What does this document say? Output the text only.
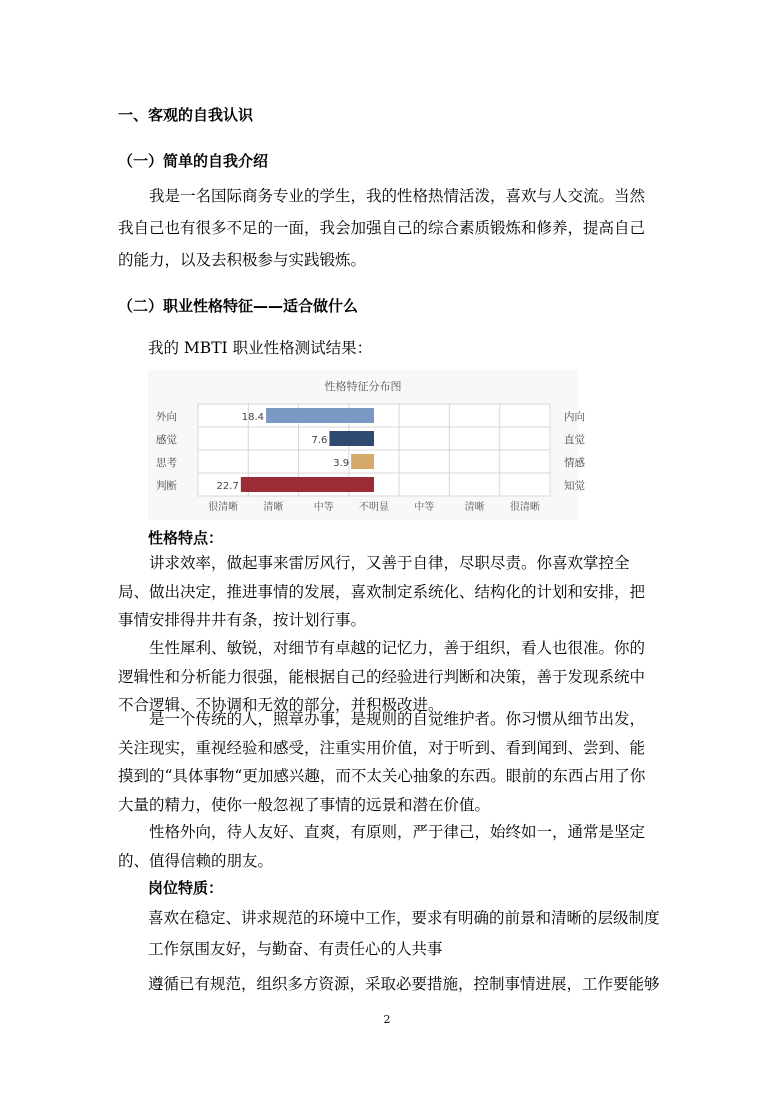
一、客观的自我认识
（一）简单的自我介绍

我是一名国际商务专业的学生，我的性格热情活泼，喜欢与人交流。当然我自己也有很多不足的一面，我会加强自己的综合素质锻炼和修养，提高自己的能力，以及去积极参与实践锻炼。

（二）职业性格特征——适合做什么
我的 MBTI 职业性格测试结果：
性格特征分布图
18.4
外向	内向
7.6
感觉	直觉
3.9
思考	情感
22.7
判断	知觉
很清晰	清晰	中等	不明显	中等	清晰	很清晰
性格特点：

讲求效率，做起事来雷厉风行，又善于自律，尽职尽责。你喜欢掌控全局、做出决定，推进事情的发展，喜欢制定系统化、结构化的计划和安排，把事情安排得井井有条，按计划行事。

生性犀利、敏锐，对细节有卓越的记忆力，善于组织，看人也很准。你的逻辑性和分析能力很强，能根据自己的经验进行判断和决策，善于发现系统中不合逻辑、不协调和无效的部分，并积极改进。

是一个传统的人，照章办事，是规则的自觉维护者。你习惯从细节出发，关注现实，重视经验和感受，注重实用价值，对于听到、看到闻到、尝到、能摸到的“具体事物“更加感兴趣，而不太关心抽象的东西。眼前的东西占用了你大量的精力，使你一般忽视了事情的远景和潜在价值。

性格外向，待人友好、直爽，有原则，严于律己，始终如一，通常是坚定的、值得信赖的朋友。

岗位特质：
喜欢在稳定、讲求规范的环境中工作，要求有明确的前景和清晰的层级制度
工作氛围友好，与勤奋、有责任心的人共事
遵循已有规范，组织多方资源，采取必要措施，控制事情进展，工作要能够
2
